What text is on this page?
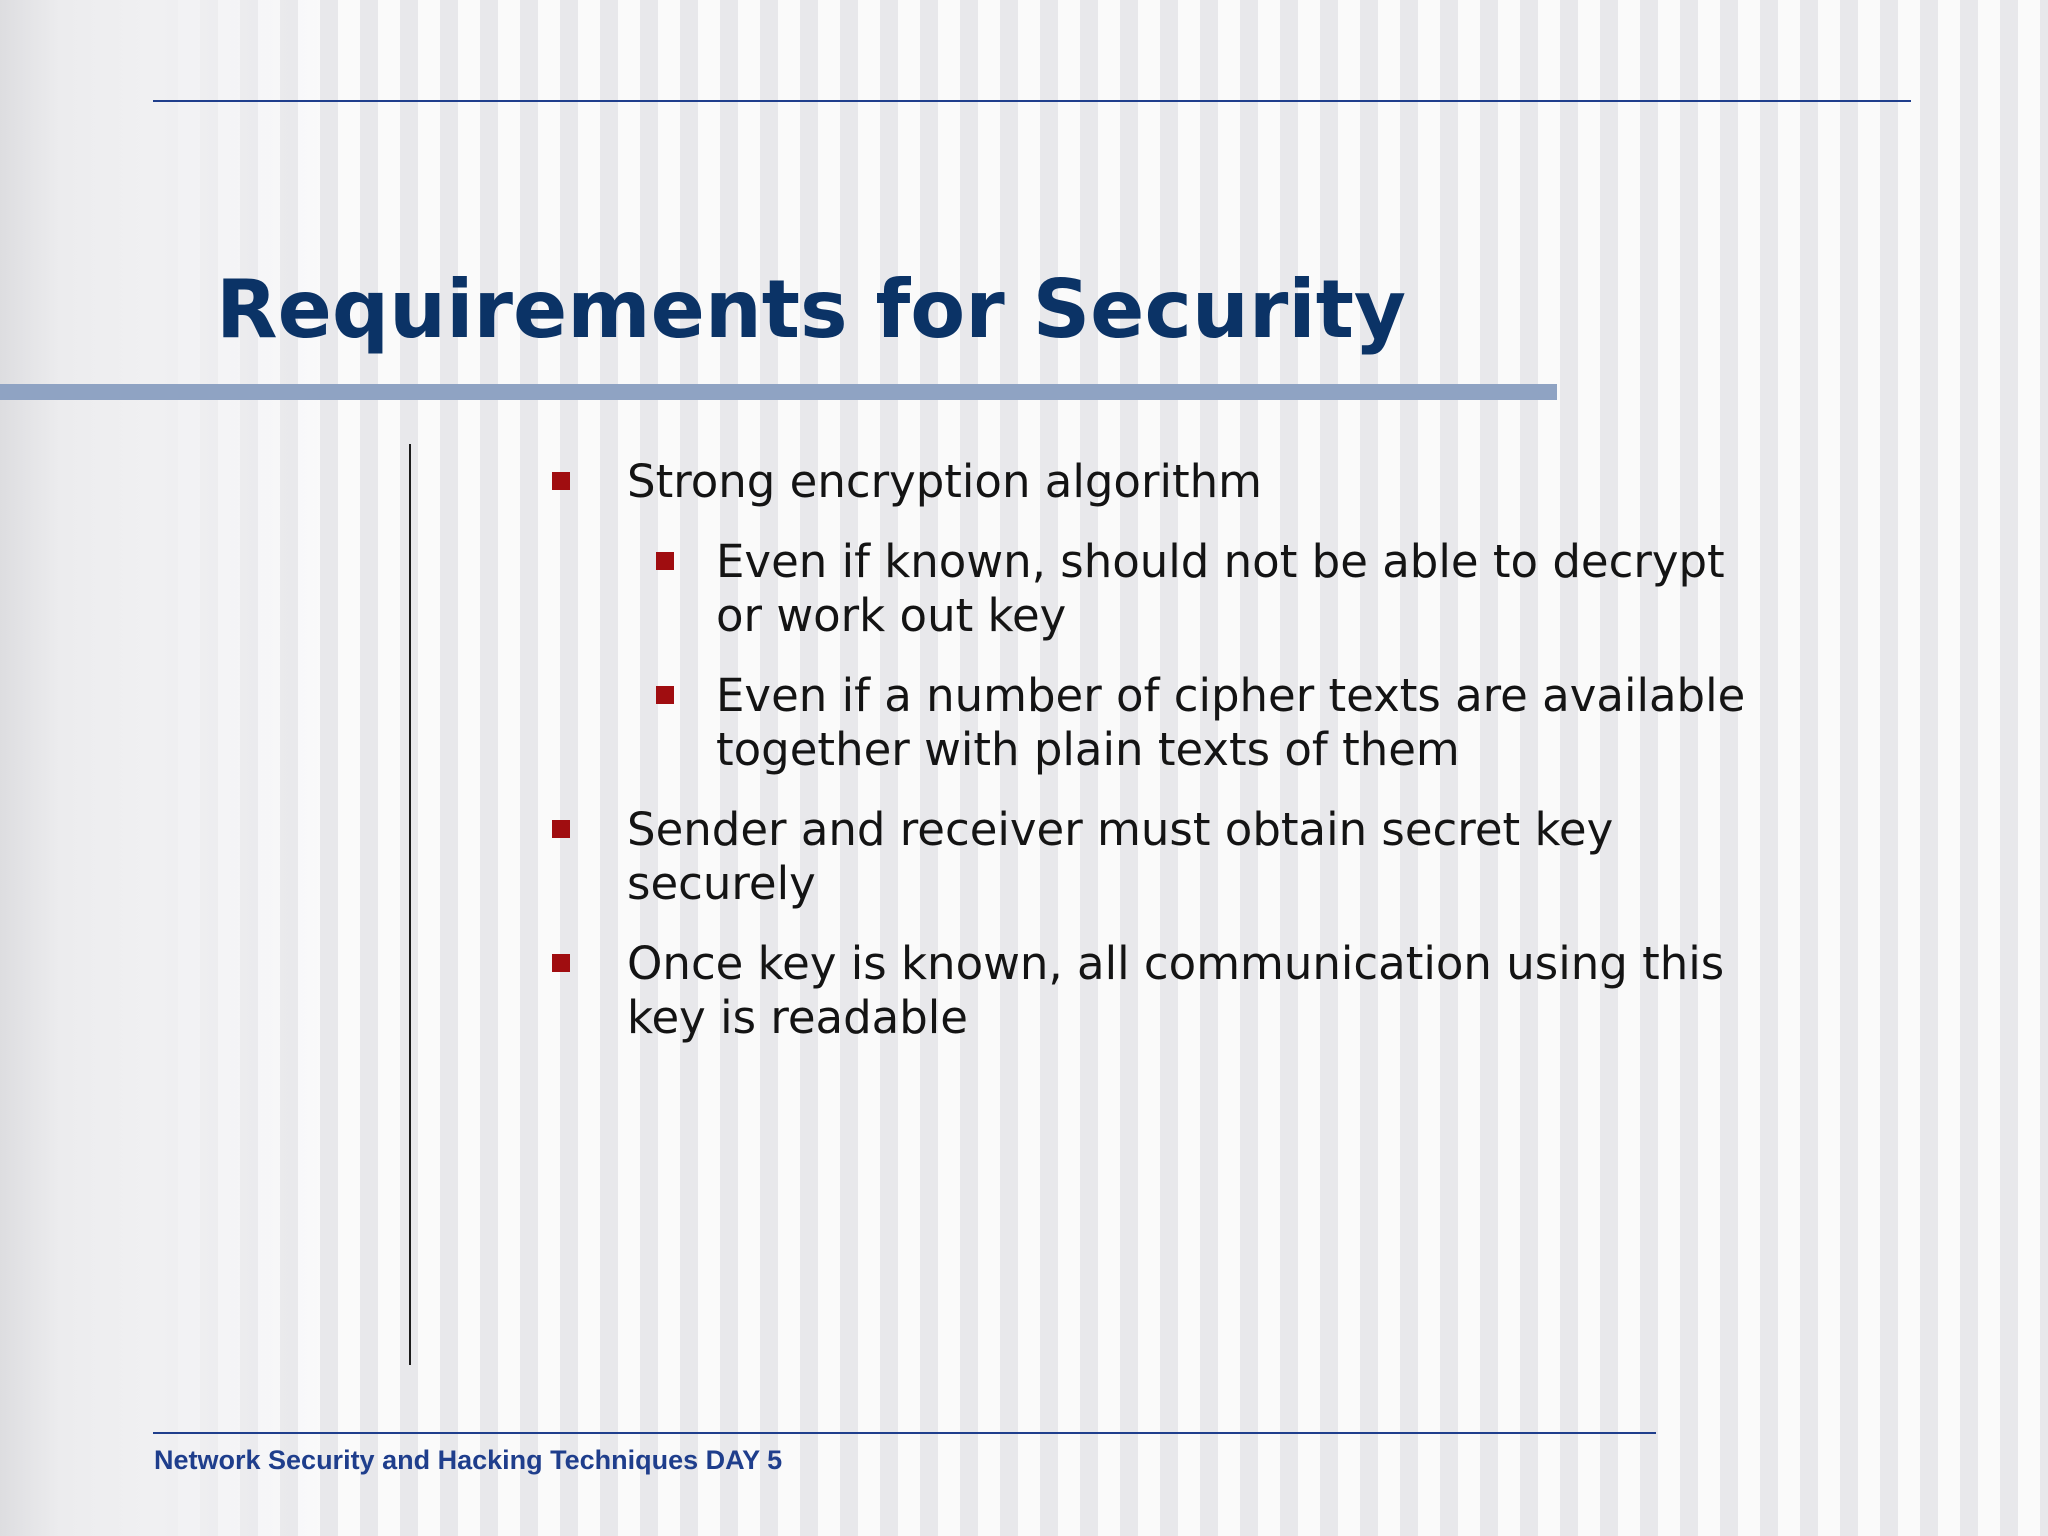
Requirements for Security
Strong encryption algorithm
Even if known, should not be able to decrypt or work out key
Even if a number of cipher texts are available together with plain texts of them
Sender and receiver must obtain secret key securely
Once key is known, all communication using this key is readable
Network Security and Hacking Techniques DAY 5
